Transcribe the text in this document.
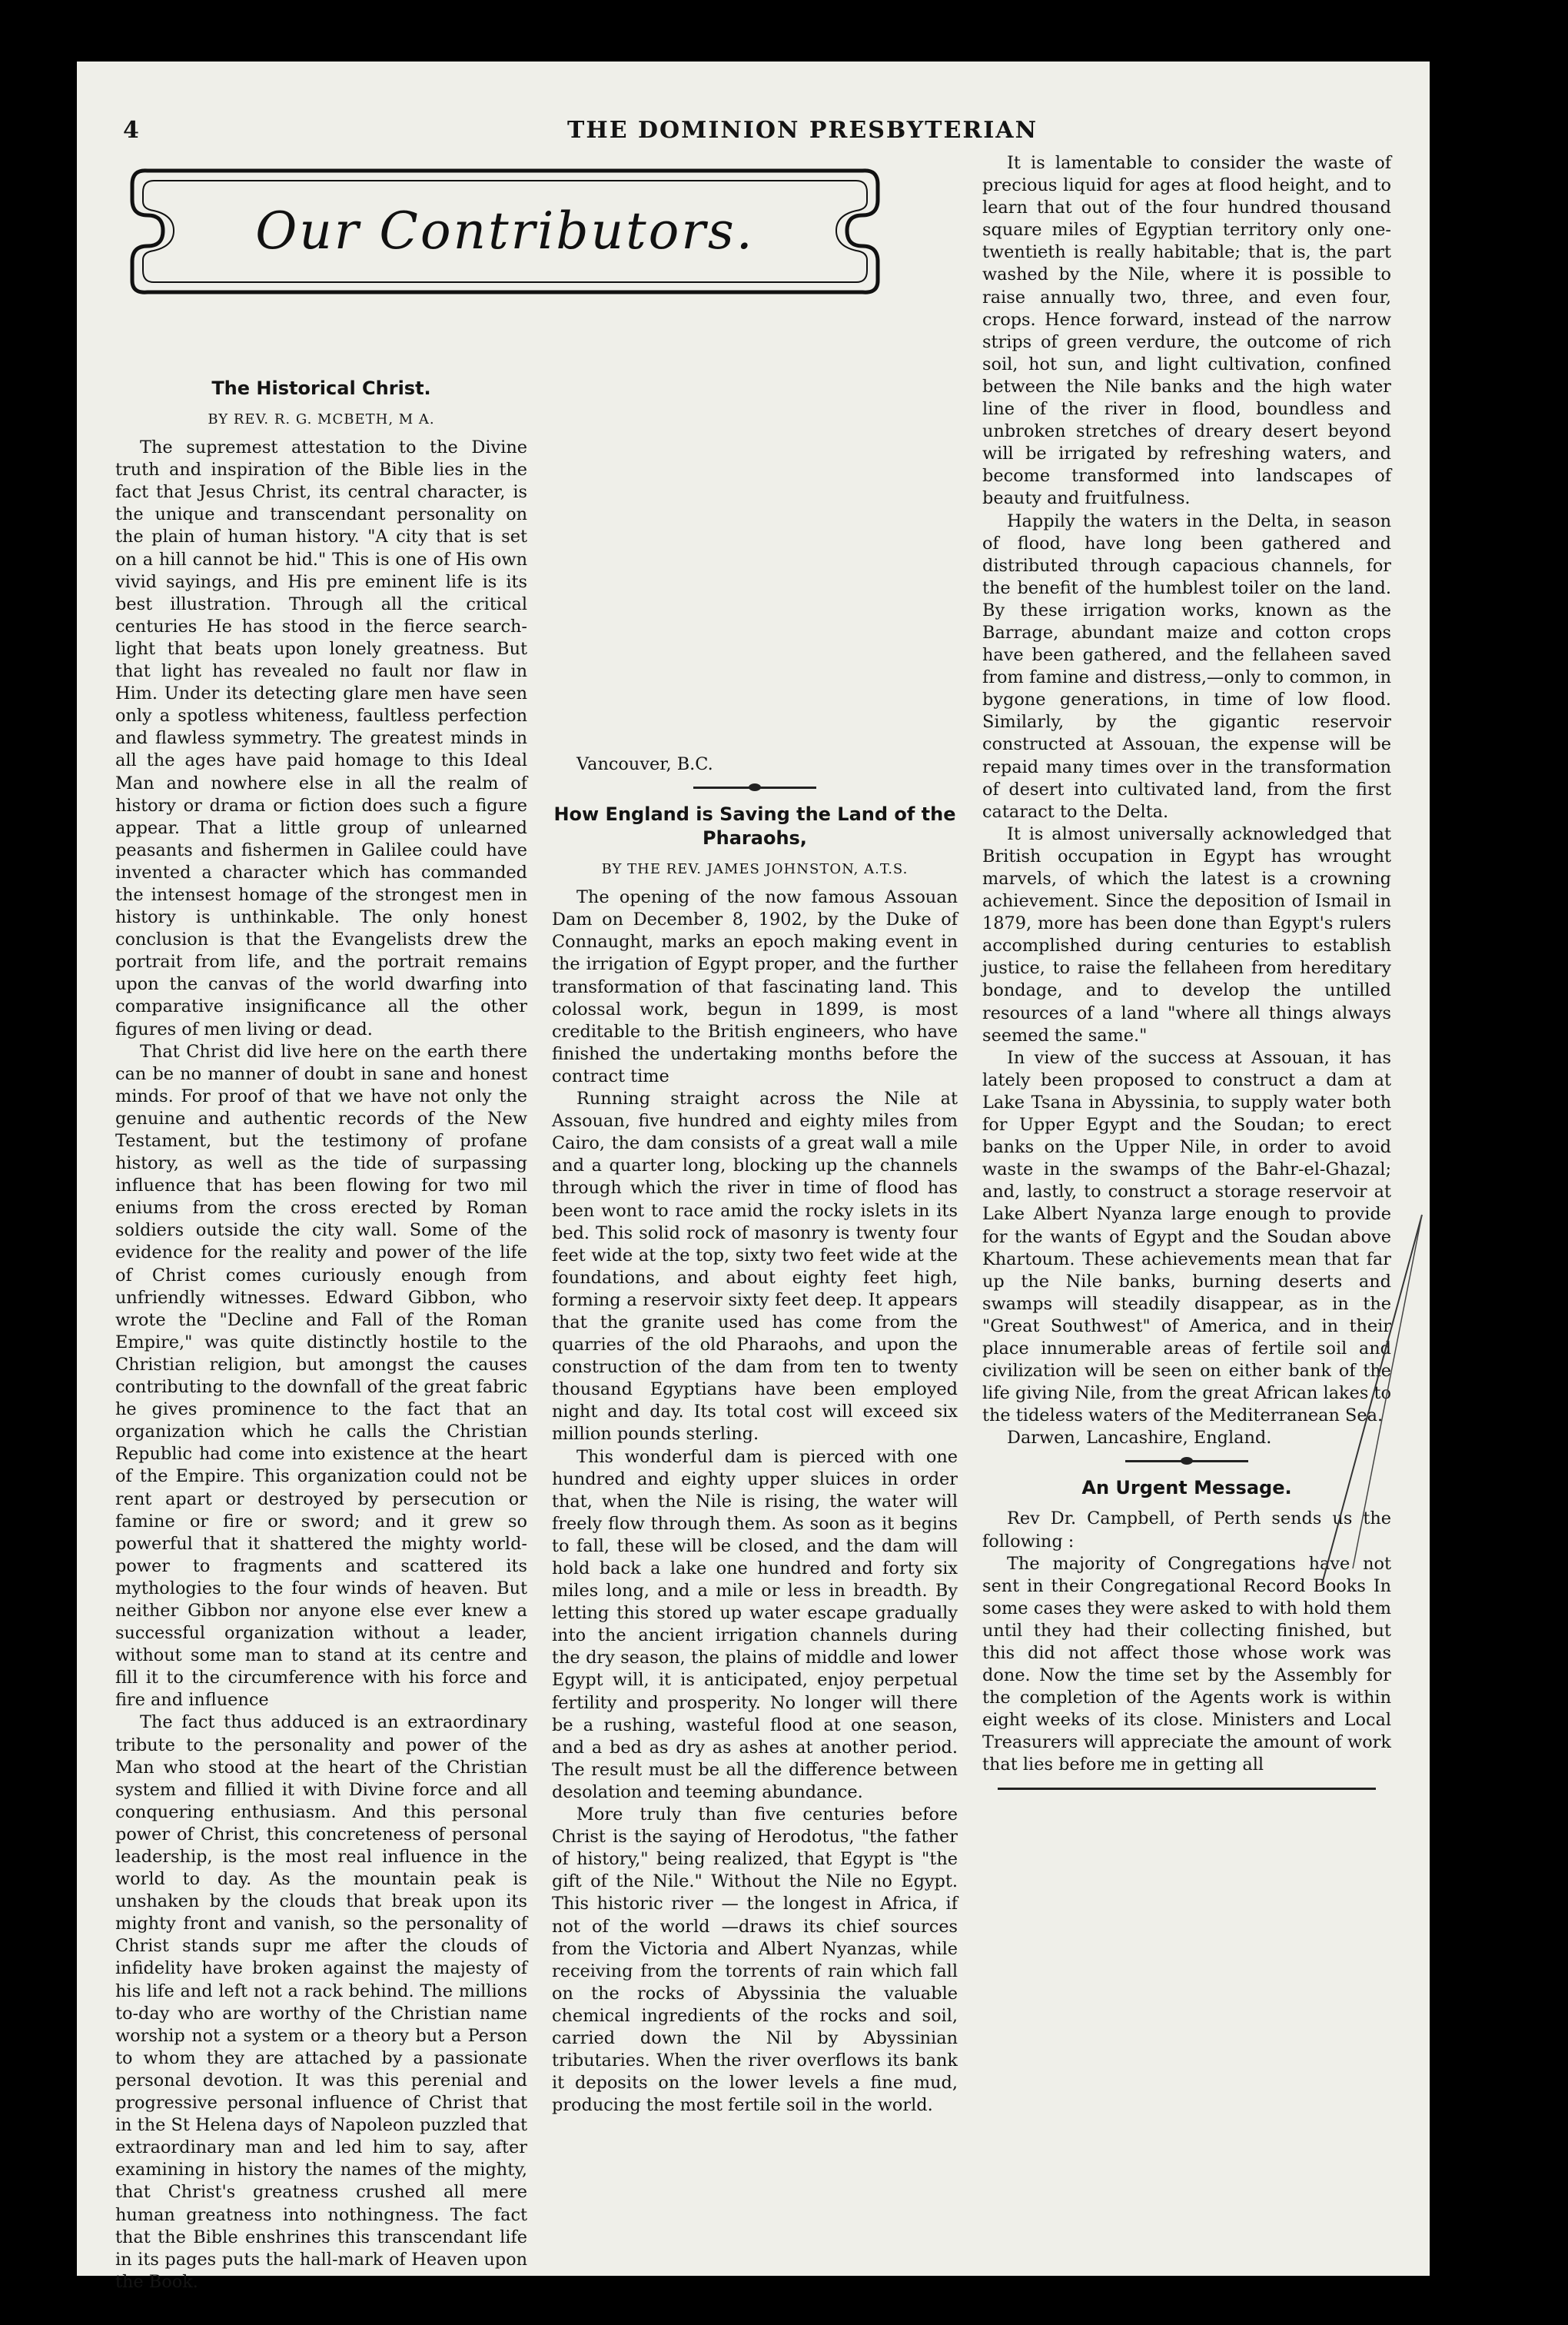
4	THE DOMINION PRESBYTERIAN
Our Contributors.
The Historical Christ.
BY REV. R. G. MCBETH, M A.

The supremest attestation to the Divine truth and inspiration of the Bible lies in the fact that Jesus Christ, its central character, is the unique and transcendant personality on the plain of human history. "A city that is set on a hill cannot be hid." This is one of His own vivid sayings, and His pre eminent life is its best illustration. Through all the critical centuries He has stood in the fierce search-light that beats upon lonely greatness. But that light has revealed no fault nor flaw in Him. Under its detecting glare men have seen only a spotless whiteness, faultless perfection and flawless symmetry. The greatest minds in all the ages have paid homage to this Ideal Man and nowhere else in all the realm of history or drama or fiction does such a figure appear. That a little group of unlearned peasants and fishermen in Galilee could have invented a character which has commanded the intensest homage of the strongest men in history is unthinkable. The only honest conclusion is that the Evangelists drew the portrait from life, and the portrait remains upon the canvas of the world dwarfing into comparative insignificance all the other figures of men living or dead.

That Christ did live here on the earth there can be no manner of doubt in sane and honest minds. For proof of that we have not only the genuine and authentic records of the New Testament, but the testimony of profane history, as well as the tide of surpassing influence that has been flowing for two mil eniums from the cross erected by Roman soldiers outside the city wall. Some of the evidence for the reality and power of the life of Christ comes curiously enough from unfriendly witnesses. Edward Gibbon, who wrote the "Decline and Fall of the Roman Empire," was quite distinctly hostile to the Christian religion, but amongst the causes contributing to the downfall of the great fabric he gives prominence to the fact that an organization which he calls the Christian Republic had come into existence at the heart of the Empire. This organization could not be rent apart or destroyed by persecution or famine or fire or sword; and it grew so powerful that it shattered the mighty world-power to fragments and scattered its mythologies to the four winds of heaven. But neither Gibbon nor anyone else ever knew a successful organization without a leader, without some man to stand at its centre and fill it to the circumference with his force and fire and influence

The fact thus adduced is an extraordinary tribute to the personality and power of the Man who stood at the heart of the Christian system and fillied it with Divine force and all conquering enthusiasm. And this personal power of Christ, this concreteness of personal leadership, is the most real influence in the world to day. As the mountain peak is unshaken by the clouds that break upon its mighty front and vanish, so the personality of Christ stands supr me after the clouds of infidelity have broken against the majesty of his life and left not a rack behind. The millions to-day who are worthy of the Christian name worship not a system or a theory but a Person to whom they are attached by a passionate personal devotion. It was this perenial and progressive personal influence of Christ that in the St Helena days of Napoleon puzzled that extraordinary man and led him to say, after examining in history the names of the mighty, that Christ's greatness crushed all mere human greatness into nothingness. The fact that the Bible enshrines this transcendant life in its pages puts the hall-mark of Heaven upon the Book.

Vancouver, B.C.

How England is Saving the Land of the Pharaohs,
BY THE REV. JAMES JOHNSTON, A.T.S.

The opening of the now famous Assouan Dam on December 8, 1902, by the Duke of Connaught, marks an epoch making event in the irrigation of Egypt proper, and the further transformation of that fascinating land. This colossal work, begun in 1899, is most creditable to the British engineers, who have finished the undertaking months before the contract time

Running straight across the Nile at Assouan, five hundred and eighty miles from Cairo, the dam consists of a great wall a mile and a quarter long, blocking up the channels through which the river in time of flood has been wont to race amid the rocky islets in its bed. This solid rock of masonry is twenty four feet wide at the top, sixty two feet wide at the foundations, and about eighty feet high, forming a reservoir sixty feet deep. It appears that the granite used has come from the quarries of the old Pharaohs, and upon the construction of the dam from ten to twenty thousand Egyptians have been employed night and day. Its total cost will exceed six million pounds sterling.

This wonderful dam is pierced with one hundred and eighty upper sluices in order that, when the Nile is rising, the water will freely flow through them. As soon as it begins to fall, these will be closed, and the dam will hold back a lake one hundred and forty six miles long, and a mile or less in breadth. By letting this stored up water escape gradually into the ancient irrigation channels during the dry season, the plains of middle and lower Egypt will, it is anticipated, enjoy perpetual fertility and prosperity. No longer will there be a rushing, wasteful flood at one season, and a bed as dry as ashes at another period. The result must be all the difference between desolation and teeming abundance.

More truly than five centuries before Christ is the saying of Herodotus, "the father of history," being realized, that Egypt is "the gift of the Nile." Without the Nile no Egypt. This historic river — the longest in Africa, if not of the world —draws its chief sources from the Victoria and Albert Nyanzas, while receiving from the torrents of rain which fall on the rocks of Abyssinia the valuable chemical ingredients of the rocks and soil, carried down the Nil by Abyssinian tributaries. When the river overflows its bank it deposits on the lower levels a fine mud, producing the most fertile soil in the world.

It is lamentable to consider the waste of precious liquid for ages at flood height, and to learn that out of the four hundred thousand square miles of Egyptian territory only one-twentieth is really habitable; that is, the part washed by the Nile, where it is possible to raise annually two, three, and even four, crops. Hence forward, instead of the narrow strips of green verdure, the outcome of rich soil, hot sun, and light cultivation, confined between the Nile banks and the high water line of the river in flood, boundless and unbroken stretches of dreary desert beyond will be irrigated by refreshing waters, and become transformed into landscapes of beauty and fruitfulness.

Happily the waters in the Delta, in season of flood, have long been gathered and distributed through capacious channels, for the benefit of the humblest toiler on the land. By these irrigation works, known as the Barrage, abundant maize and cotton crops have been gathered, and the fellaheen saved from famine and distress,—only to common, in bygone generations, in time of low flood. Similarly, by the gigantic reservoir constructed at Assouan, the expense will be repaid many times over in the transformation of desert into cultivated land, from the first cataract to the Delta.

It is almost universally acknowledged that British occupation in Egypt has wrought marvels, of which the latest is a crowning achievement. Since the deposition of Ismail in 1879, more has been done than Egypt's rulers accomplished during centuries to establish justice, to raise the fellaheen from hereditary bondage, and to develop the untilled resources of a land "where all things always seemed the same."

In view of the success at Assouan, it has lately been proposed to construct a dam at Lake Tsana in Abyssinia, to supply water both for Upper Egypt and the Soudan; to erect banks on the Upper Nile, in order to avoid waste in the swamps of the Bahr-el-Ghazal; and, lastly, to construct a storage reservoir at Lake Albert Nyanza large enough to provide for the wants of Egypt and the Soudan above Khartoum. These achievements mean that far up the Nile banks, burning deserts and swamps will steadily disappear, as in the "Great Southwest" of America, and in their place innumerable areas of fertile soil and civilization will be seen on either bank of the life giving Nile, from the great African lakes to the tideless waters of the Mediterranean Sea.

Darwen, Lancashire, England.

An Urgent Message.

Rev Dr. Campbell, of Perth sends us the following :

The majority of Congregations have not sent in their Congregational Record Books In some cases they were asked to with hold them until they had their collecting finished, but this did not affect those whose work was done. Now the time set by the Assembly for the completion of the Agents work is within eight weeks of its close. Ministers and Local Treasurers will appreciate the amount of work that lies before me in getting all
